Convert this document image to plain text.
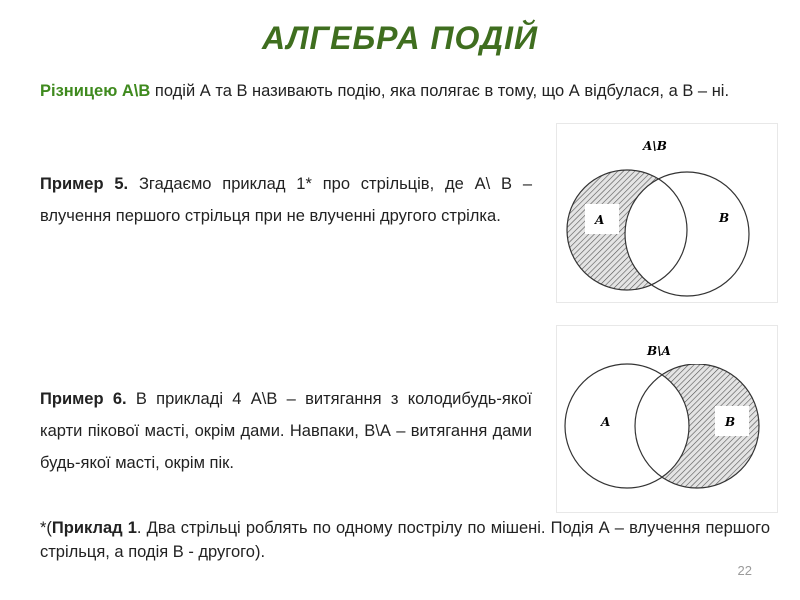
АЛГЕБРА ПОДІЙ

Різницею A\B подій А та В називають подію, яка полягає в тому, що А відбулася, а В – ні.

Пример 5. Згадаємо приклад 1* про стрільців, де А\ В – влучення першого стрільця при не влученні другого стрілка.

Пример 6. В прикладі 4 А\В – витягання з колодибудь-якої карти пікової масті, окрім дами. Навпаки, В\А – витягання дами будь-якої масті, окрім пік.

*(Приклад 1. Два стрільці роблять по одному пострілу по мішені. Подія А – влучення першого стрільця, а подія В - другого).

A\B
A	B
B\A
A	B
22
